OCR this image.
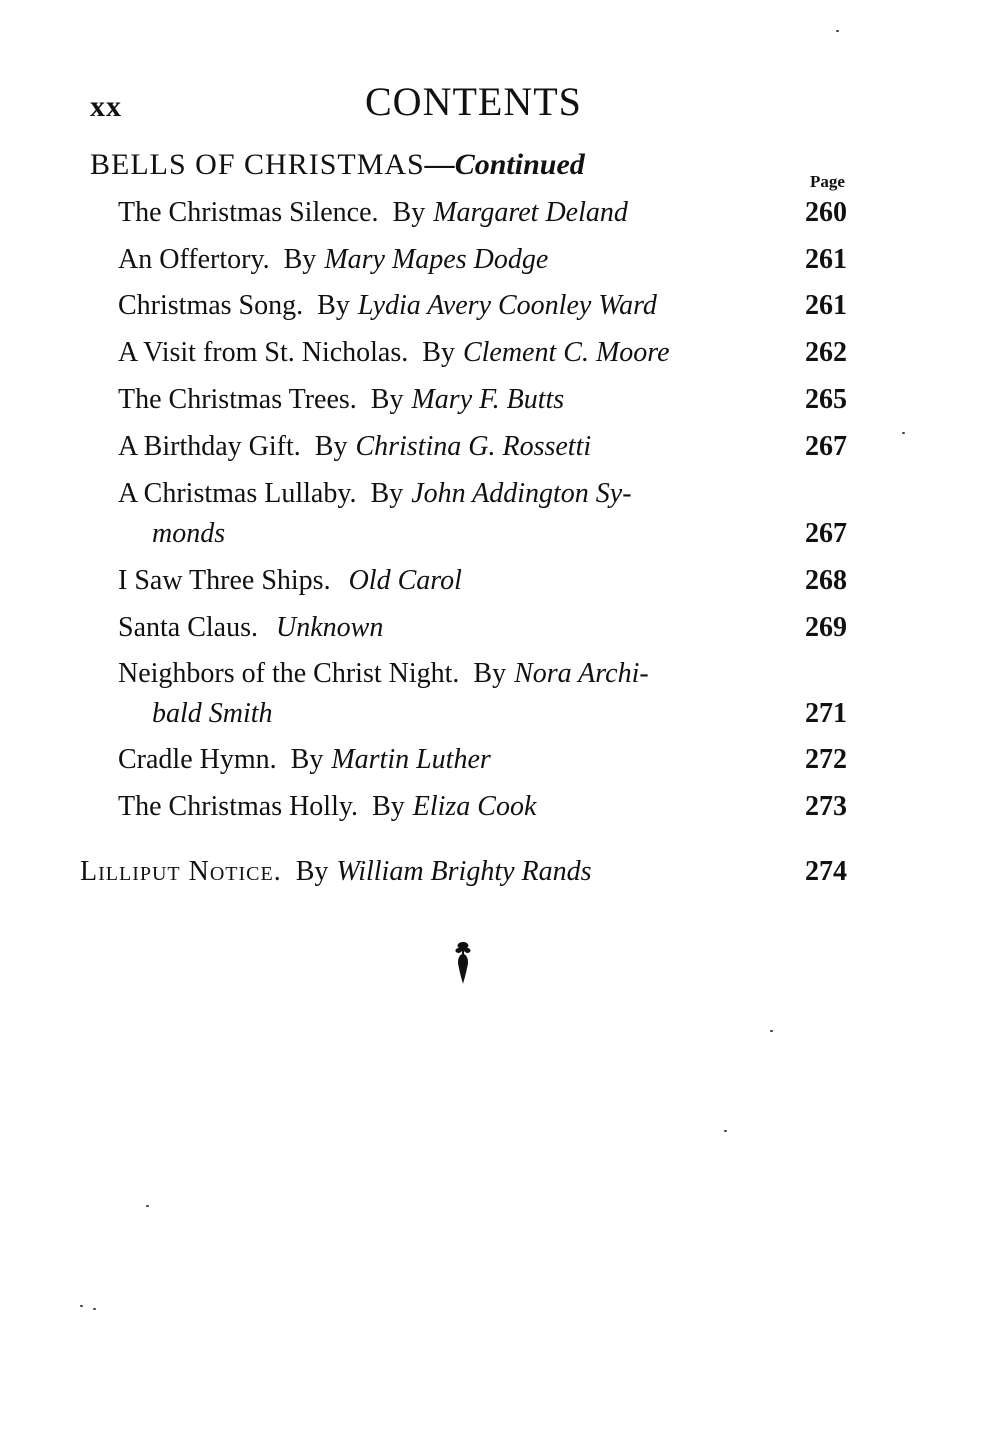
xx	CONTENTS
BELLS OF CHRISTMAS—Continued
Page
The Christmas Silence. By Margaret Deland	260
An Offertory. By Mary Mapes Dodge	261
Christmas Song. By Lydia Avery Coonley Ward	261
A Visit from St. Nicholas. By Clement C. Moore	262
The Christmas Trees. By Mary F. Butts	265
A Birthday Gift. By Christina G. Rossetti	267
A Christmas Lullaby. By John Addington Sy-
monds	267
I Saw Three Ships. Old Carol	268
Santa Claus. Unknown	269
Neighbors of the Christ Night. By Nora Archi-
bald Smith	271
Cradle Hymn. By Martin Luther	272
The Christmas Holly. By Eliza Cook	273
Lilliput Notice. By William Brighty Rands	274
